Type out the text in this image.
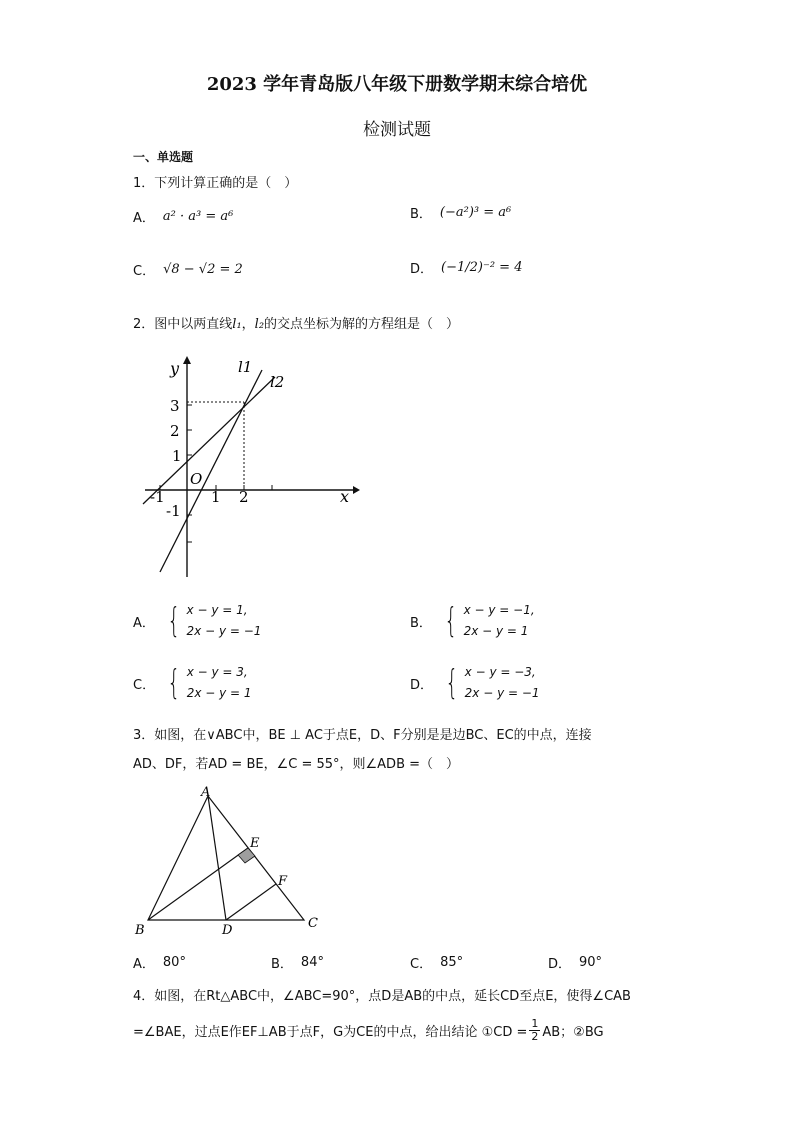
2023 学年青岛版八年级下册数学期末综合培优
检测试题
一、单选题
1．下列计算正确的是（　）
A． a² · a³ = a⁶	B． (−a²)³ = a⁶
C． √8 − √2 = 2	D． (−1/2)⁻² = 4
2．图中以两直线l₁，l₂的交点坐标为解的方程组是（　）
y
x
O
l1
l2
3
2
1
-1
-1	1 2
A． { x − y = 1,
2x − y = −1
B． { x − y = −1,
2x − y = 1
C． { x − y = 3,
2x − y = 1
D． { x − y = −3,
2x − y = −1
3．如图，在∨ABC中，BE ⊥ AC于点E，D、F分别是是边BC、EC的中点，连接
AD、DF，若AD = BE，∠C = 55°，则∠ADB =（　）
A
B	C
D
E
F
A． 80°	B． 84°	C． 85°	D． 90°
4．如图，在Rt△ABC中，∠ABC=90°，点D是AB的中点，延长CD至点E，使得∠CAB
=∠BAE，过点E作EF⊥AB于点F，G为CE的中点，给出结论 ①CD = $\frac{1}{2}$ AB；②BG
